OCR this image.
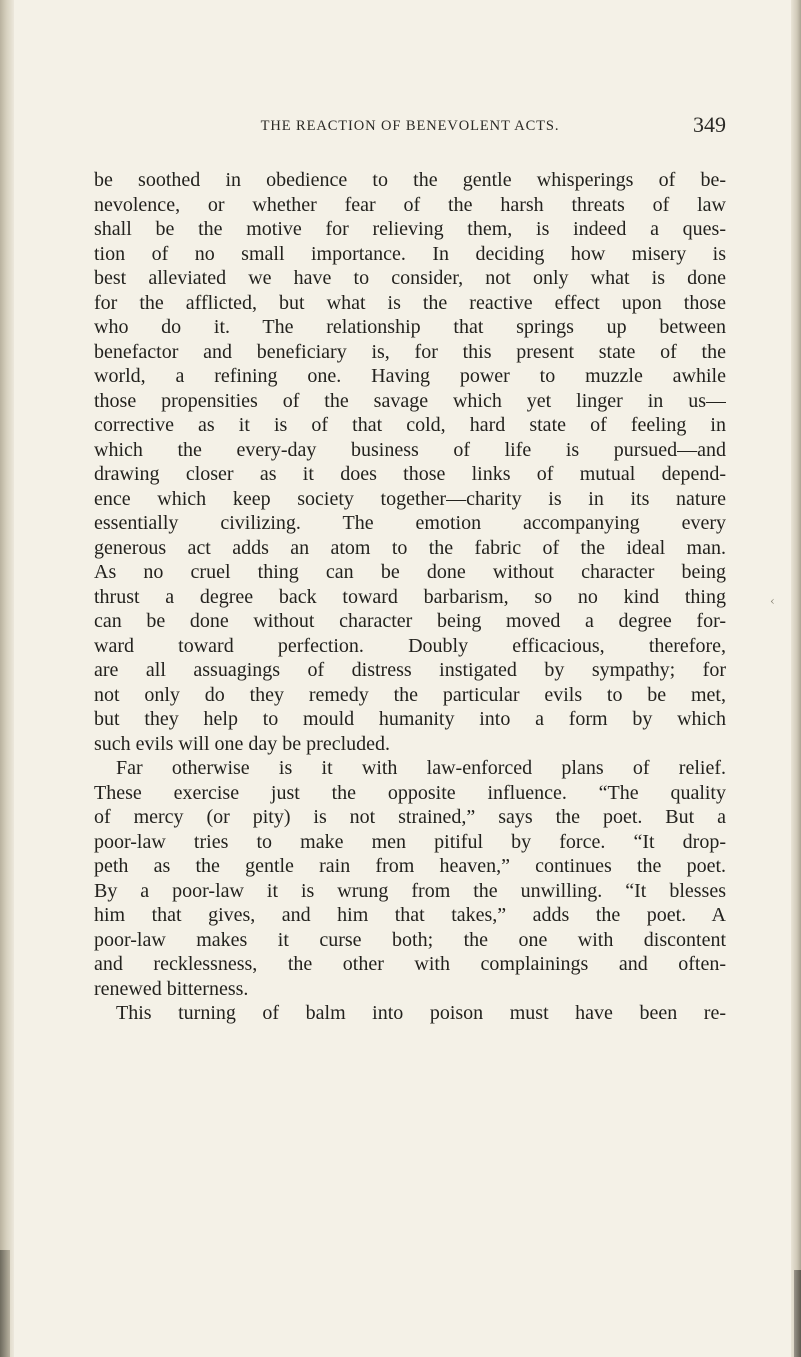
‹
THE REACTION OF BENEVOLENT ACTS.	349
be soothed in obedience to the gentle whisperings of be-
nevolence, or whether fear of the harsh threats of law
shall be the motive for relieving them, is indeed a ques-
tion of no small importance. In deciding how misery is
best alleviated we have to consider, not only what is done
for the afflicted, but what is the reactive effect upon those
who do it. The relationship that springs up between
benefactor and beneficiary is, for this present state of the
world, a refining one. Having power to muzzle awhile
those propensities of the savage which yet linger in us—
corrective as it is of that cold, hard state of feeling in
which the every-day business of life is pursued—and
drawing closer as it does those links of mutual depend-
ence which keep society together—charity is in its nature
essentially civilizing. The emotion accompanying every
generous act adds an atom to the fabric of the ideal man.
As no cruel thing can be done without character being
thrust a degree back toward barbarism, so no kind thing
can be done without character being moved a degree for-
ward toward perfection. Doubly efficacious, therefore,
are all assuagings of distress instigated by sympathy; for
not only do they remedy the particular evils to be met,
but they help to mould humanity into a form by which
such evils will one day be precluded.
Far otherwise is it with law-enforced plans of relief.
These exercise just the opposite influence. “The quality
of mercy (or pity) is not strained,” says the poet. But a
poor-law tries to make men pitiful by force. “It drop-
peth as the gentle rain from heaven,” continues the poet.
By a poor-law it is wrung from the unwilling. “It blesses
him that gives, and him that takes,” adds the poet. A
poor-law makes it curse both; the one with discontent
and recklessness, the other with complainings and often-
renewed bitterness.
This turning of balm into poison must have been re-
